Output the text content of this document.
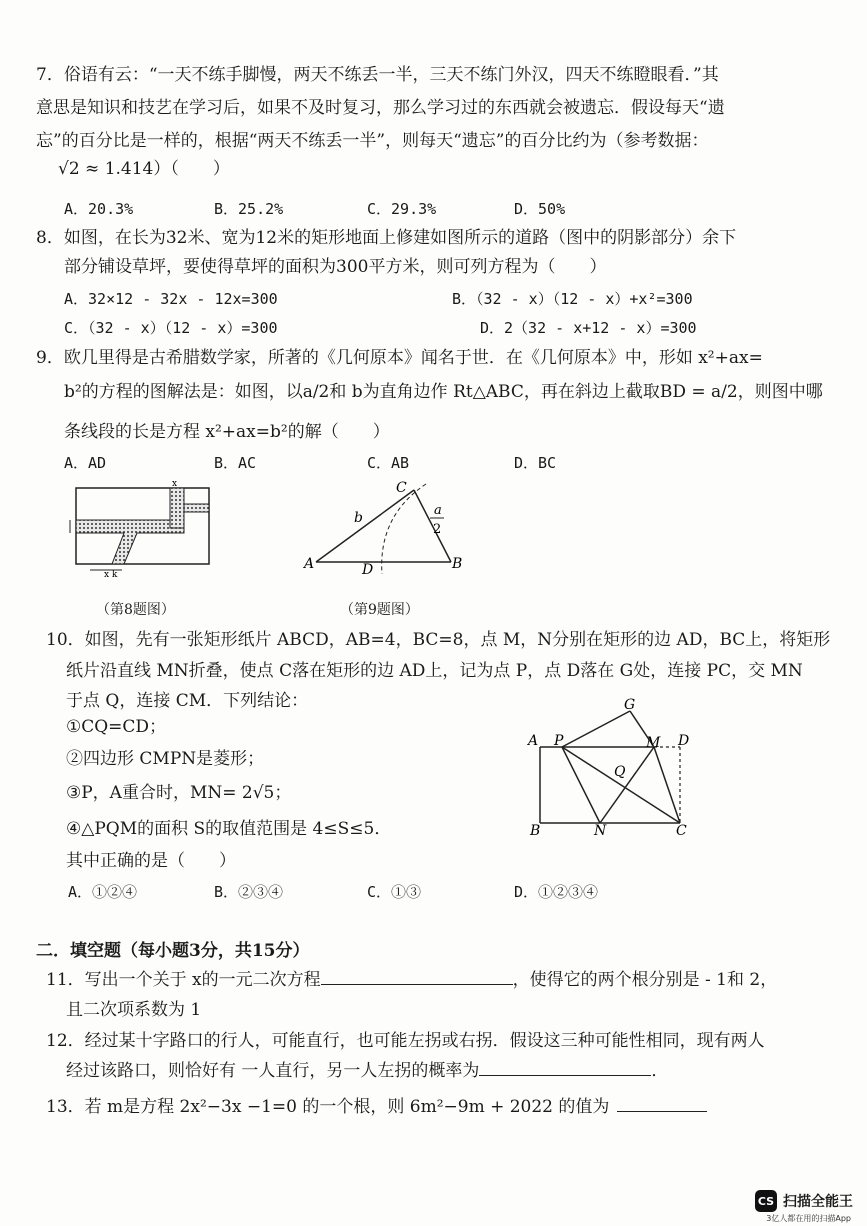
7．俗语有云：“一天不练手脚慢，两天不练丢一半，三天不练门外汉，四天不练瞪眼看．”其
意思是知识和技艺在学习后，如果不及时复习，那么学习过的东西就会被遗忘．假设每天“遗
忘”的百分比是一样的，根据“两天不练丢一半”，则每天“遗忘”的百分比约为（参考数据：
√2 ≈ 1.414）（　　）
A．20.3%	B．25.2%	C．29.3%	D．50%
8．如图，在长为32米、宽为12米的矩形地面上修建如图所示的道路（图中的阴影部分）余下
部分铺设草坪，要使得草坪的面积为300平方米，则可列方程为（　　）
A．32×12 - 32x - 12x=300	B．（32 - x）（12 - x）+x²=300
C．（32 - x）（12 - x）=300	D．2（32 - x+12 - x）=300
9．欧几里得是古希腊数学家，所著的《几何原本》闻名于世．在《几何原本》中，形如 x²+ax=
b²的方程的图解法是：如图，以a/2和 b为直角边作 Rt△ABC，再在斜边上截取BD = a/2，则图中哪
条线段的长是方程 x²+ax=b²的解（　　）
A．AD	B．AC	C．AB	D．BC
x
x k
（第8题图）
A	B
C
D
b	a
2
（第9题图）
10．如图，先有一张矩形纸片 ABCD，AB=4，BC=8，点 M，N分别在矩形的边 AD，BC上，将矩形
纸片沿直线 MN折叠，使点 C落在矩形的边 AD上，记为点 P，点 D落在 G处，连接 PC，交 MN
于点 Q，连接 CM．下列结论：
①CQ=CD；
②四边形 CMPN是菱形；
③P，A重合时，MN= 2√5；
④△PQM的面积 S的取值范围是 4≤S≤5．
其中正确的是（　　）
A．①②④	B．②③④	C．①③	D．①②③④
A P	M D
G
Q
B	N	C
二．填空题（每小题3分，共15分）
11．写出一个关于 x的一元二次方程	，使得它的两个根分别是 - 1和 2，
且二次项系数为 1
12．经过某十字路口的行人，可能直行，也可能左拐或右拐．假设这三种可能性相同，现有两人
经过该路口，则恰好有 一人直行，另一人左拐的概率为	．
13．若 m是方程 2x²−3x −1=0 的一个根，则 6m²−9m + 2022 的值为
CS 扫描全能王
3亿人都在用的扫描App
